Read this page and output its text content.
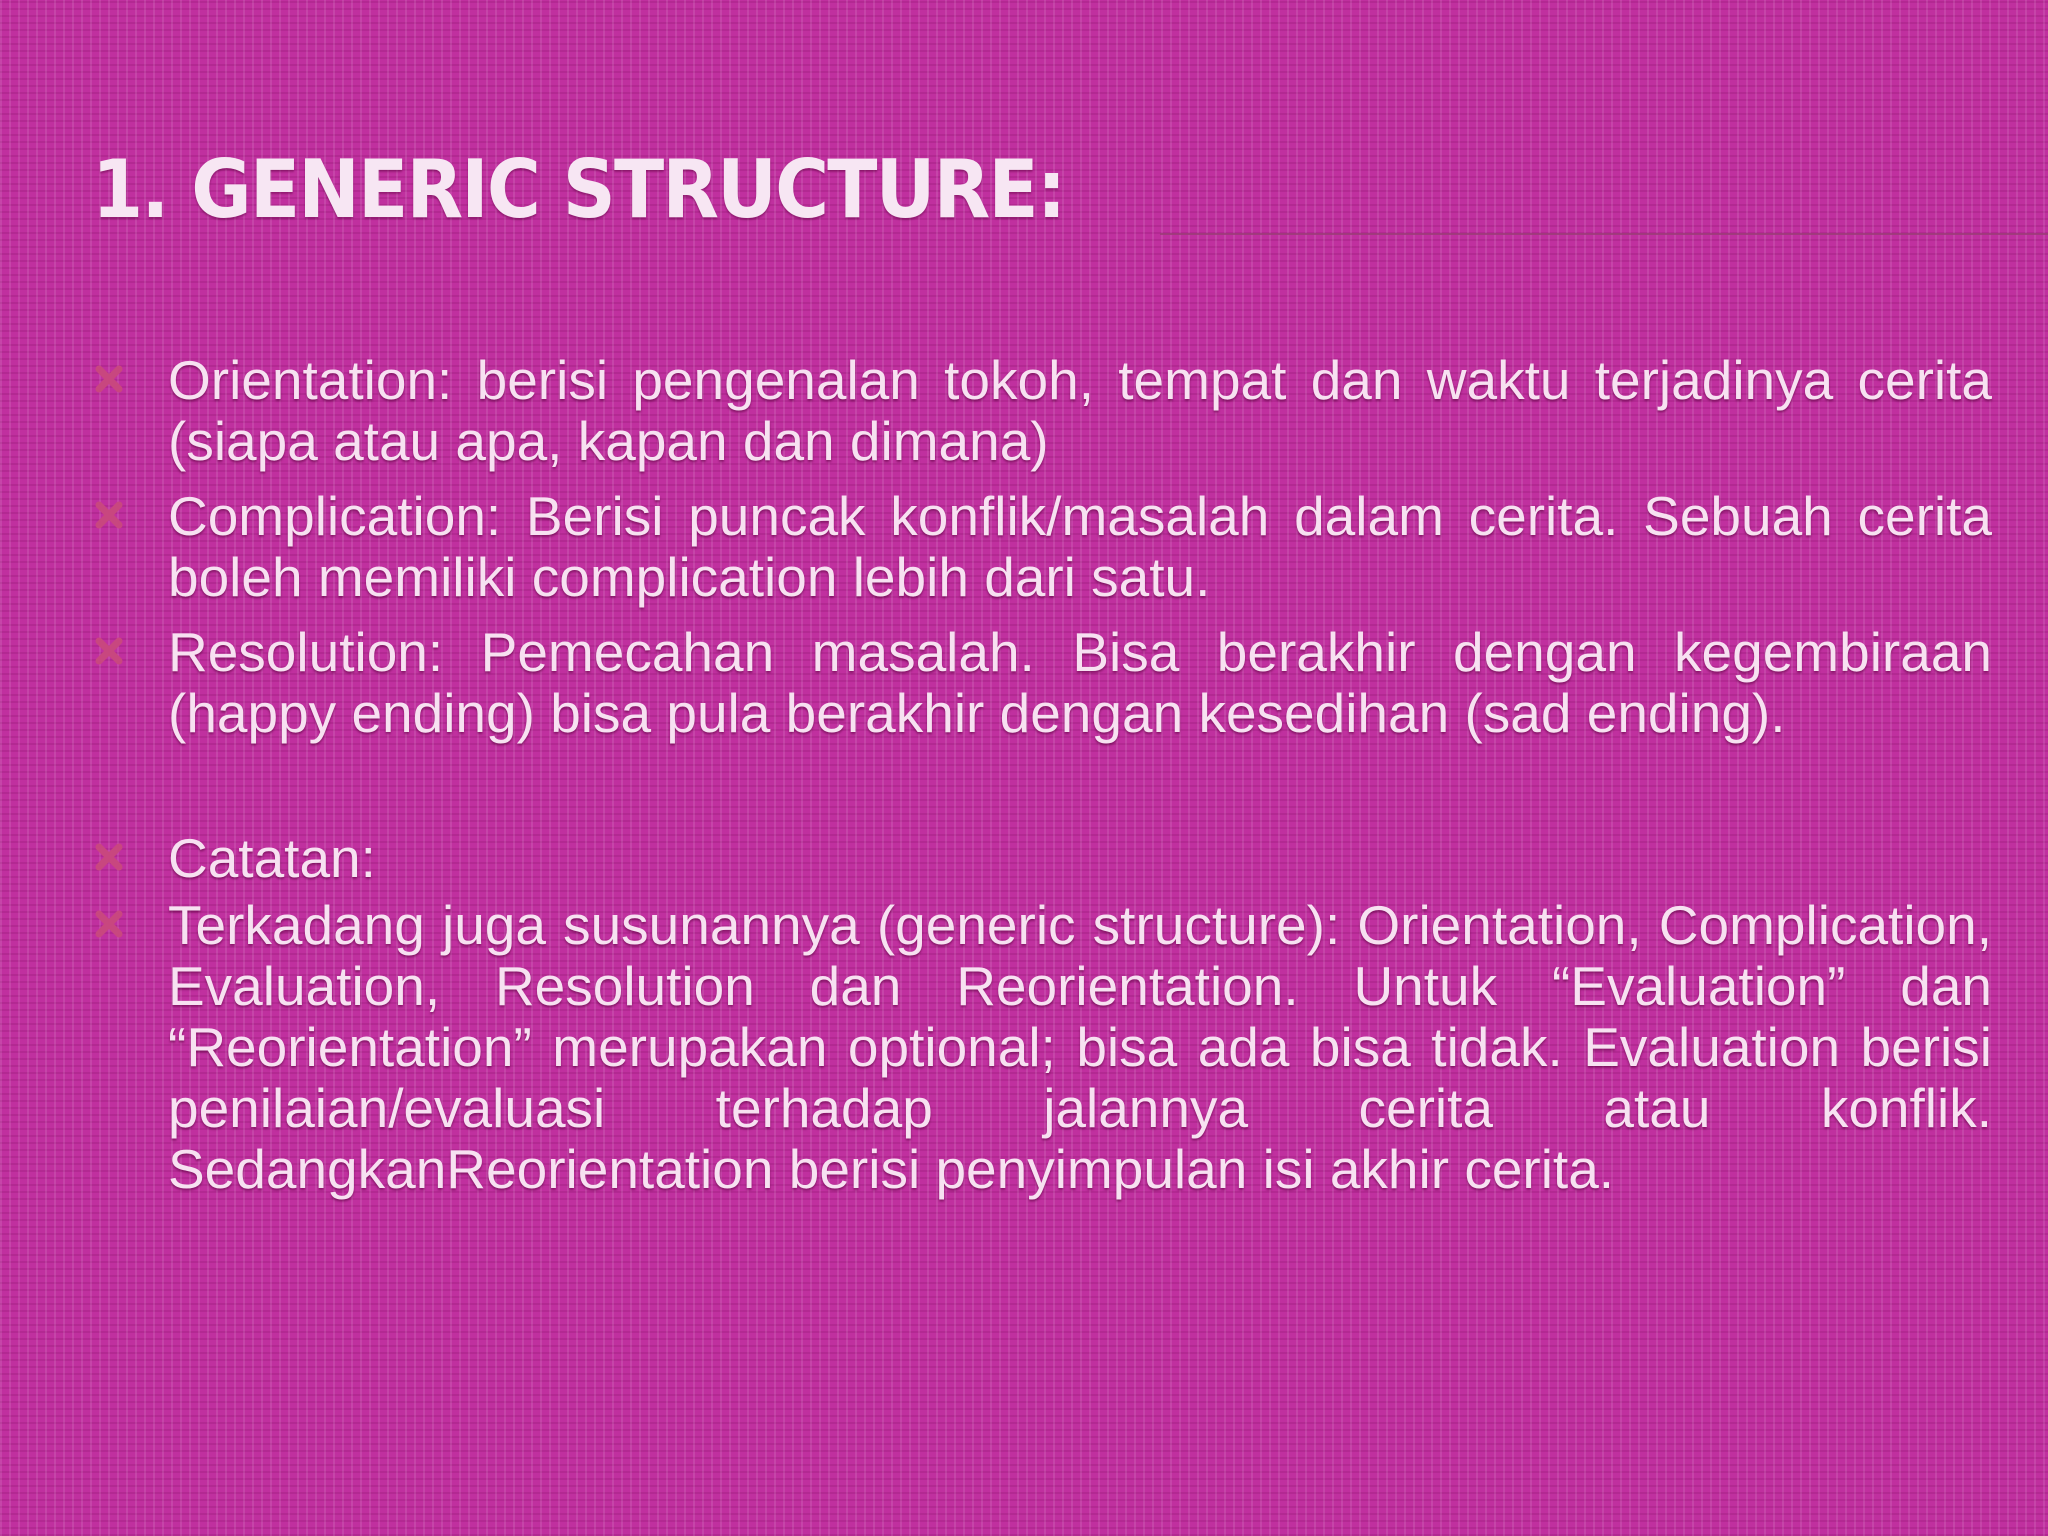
1. GENERIC STRUCTURE:
Orientation: berisi pengenalan tokoh, tempat dan waktu terjadinya cerita (siapa atau apa, kapan dan dimana)
Complication: Berisi puncak konflik/masalah dalam cerita. Sebuah cerita boleh memiliki complication lebih dari satu.
Resolution: Pemecahan masalah. Bisa berakhir dengan kegembiraan (happy ending) bisa pula berakhir dengan kesedihan (sad ending).
Catatan:
Terkadang juga susunannya (generic structure): Orientation, Complication, Evaluation, Resolution dan Reorientation. Untuk “Evaluation” dan “Reorientation” merupakan optional; bisa ada bisa tidak. Evaluation berisi penilaian/evaluasi terhadap jalannya cerita atau konflik. SedangkanReorientation berisi penyimpulan isi akhir cerita.
